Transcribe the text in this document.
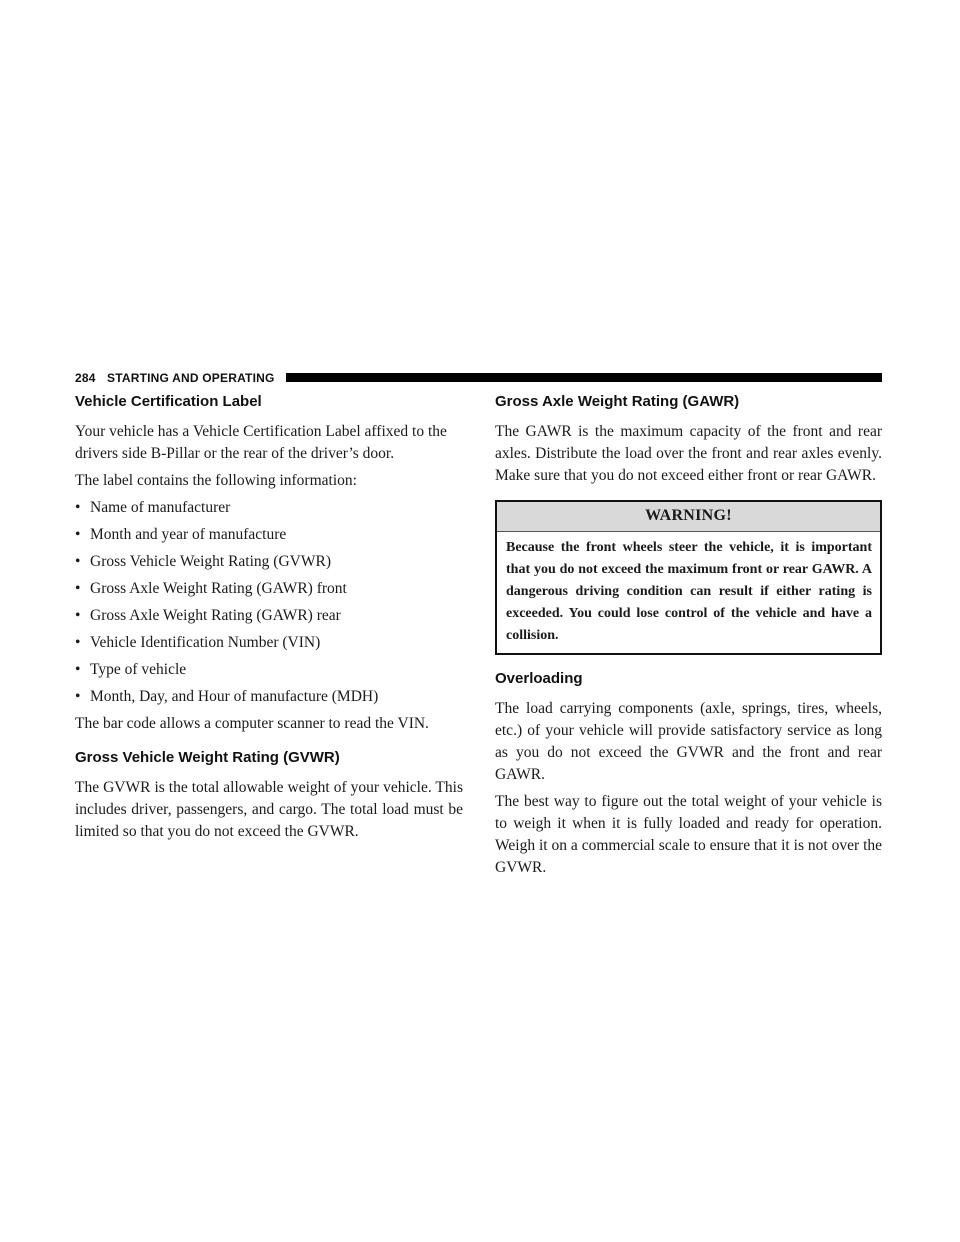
284 STARTING AND OPERATING
Vehicle Certification Label

Your vehicle has a Vehicle Certification Label affixed to the drivers side B-Pillar or the rear of the driver’s door.

The label contains the following information:

• Name of manufacturer
• Month and year of manufacture
• Gross Vehicle Weight Rating (GVWR)
• Gross Axle Weight Rating (GAWR) front
• Gross Axle Weight Rating (GAWR) rear
• Vehicle Identification Number (VIN)
• Type of vehicle
• Month, Day, and Hour of manufacture (MDH)

The bar code allows a computer scanner to read the VIN.

Gross Vehicle Weight Rating (GVWR)

The GVWR is the total allowable weight of your vehicle. This includes driver, passengers, and cargo. The total load must be limited so that you do not exceed the GVWR.

Gross Axle Weight Rating (GAWR)

The GAWR is the maximum capacity of the front and rear axles. Distribute the load over the front and rear axles evenly. Make sure that you do not exceed either front or rear GAWR.

WARNING!
Because the front wheels steer the vehicle, it is important that you do not exceed the maximum front or rear GAWR. A dangerous driving condition can result if either rating is exceeded. You could lose control of the vehicle and have a collision.
Overloading

The load carrying components (axle, springs, tires, wheels, etc.) of your vehicle will provide satisfactory service as long as you do not exceed the GVWR and the front and rear GAWR.

The best way to figure out the total weight of your vehicle is to weigh it when it is fully loaded and ready for operation. Weigh it on a commercial scale to ensure that it is not over the GVWR.
